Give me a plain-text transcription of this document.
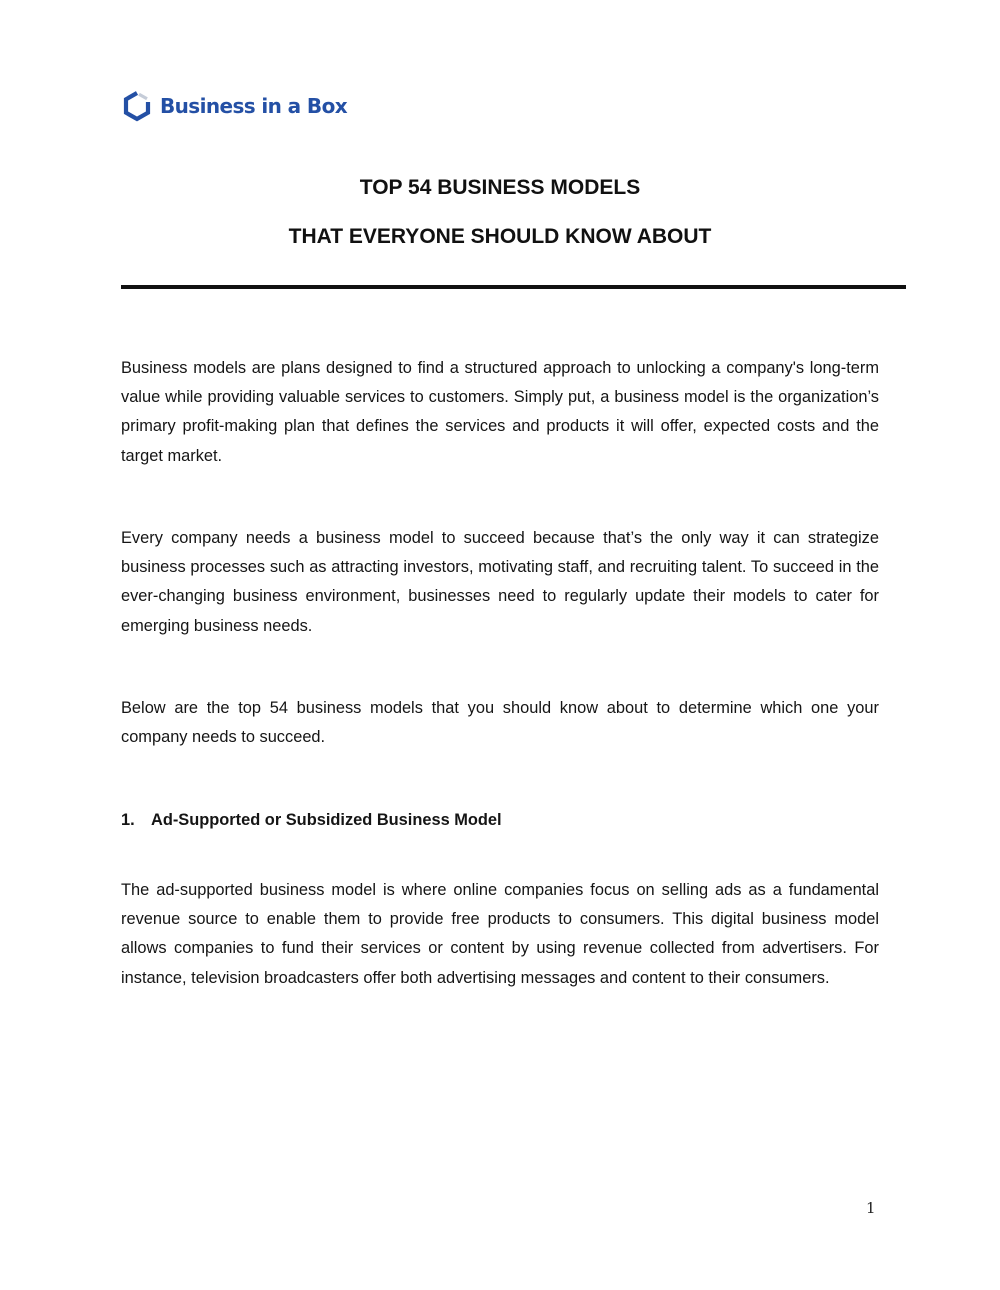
Business in a Box
TOP 54 BUSINESS MODELS
THAT EVERYONE SHOULD KNOW ABOUT

Business models are plans designed to find a structured approach to unlocking a company's long-term value while providing valuable services to customers. Simply put, a business model is the organization’s primary profit-making plan that defines the services and products it will offer, expected costs and the target market.

Every company needs a business model to succeed because that’s the only way it can strategize business processes such as attracting investors, motivating staff, and recruiting talent. To succeed in the ever-changing business environment, businesses need to regularly update their models to cater for emerging business needs.

Below are the top 54 business models that you should know about to determine which one your company needs to succeed.

1. Ad-Supported or Subsidized Business Model

The ad-supported business model is where online companies focus on selling ads as a fundamental revenue source to enable them to provide free products to consumers. This digital business model allows companies to fund their services or content by using revenue collected from advertisers. For instance, television broadcasters offer both advertising messages and content to their consumers.

1
